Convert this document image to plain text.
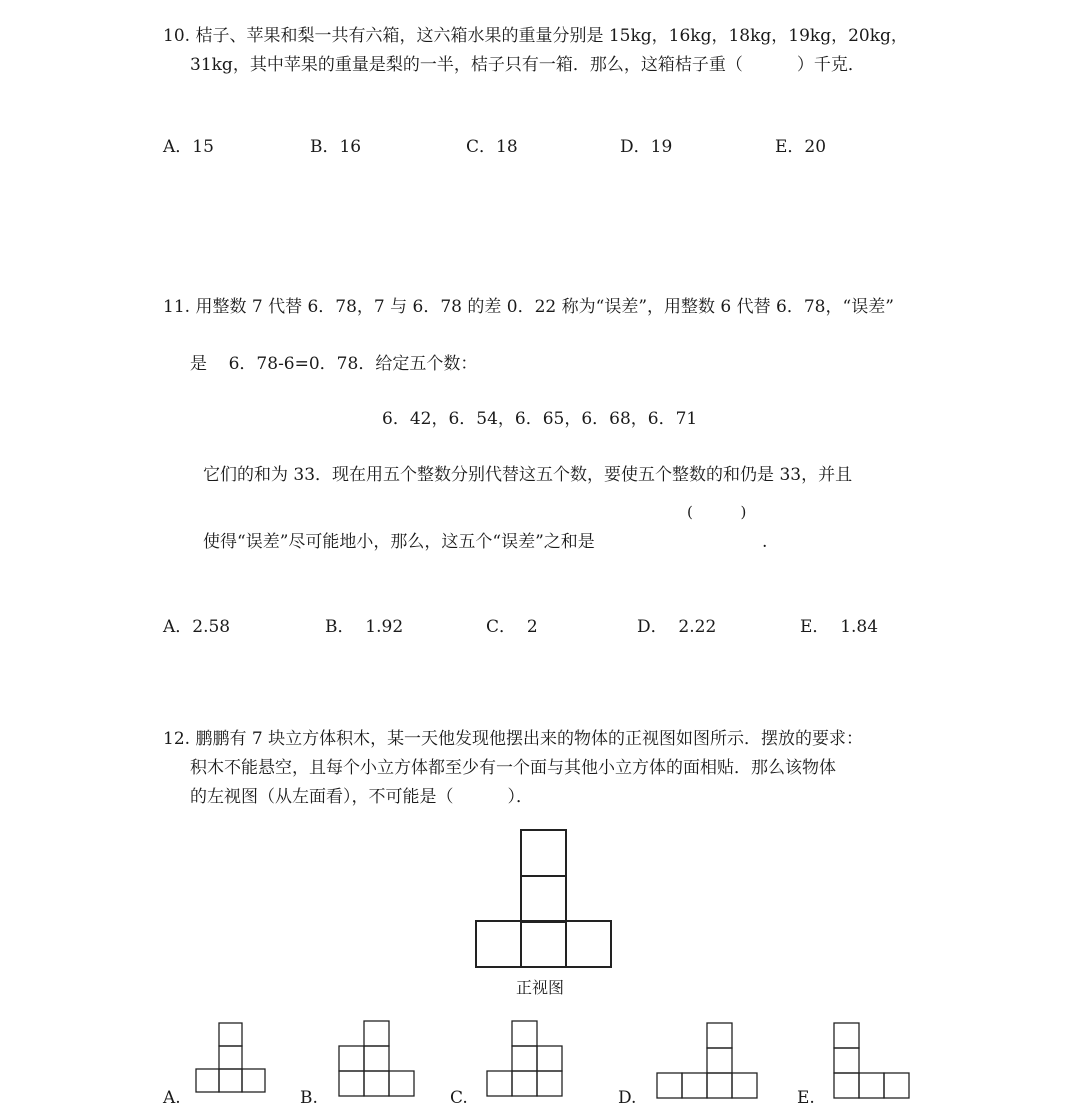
10. 桔子、苹果和梨一共有六箱，这六箱水果的重量分别是 15kg，16kg，18kg，19kg，20kg，
31kg，其中苹果的重量是梨的一半，桔子只有一箱．那么，这箱桔子重（          ）千克．
A．15	B．16	C．18	D．19	E．20
11. 用整数 7 代替 6．78，7 与 6．78 的差 0．22 称为“误差”，用整数 6 代替 6．78，“误差”
是    6．78-6=0．78．给定五个数：
6．42，6．54，6．65，6．68，6．71
它们的和为 33．现在用五个整数分别代替这五个数，要使五个整数的和仍是 33，并且
(          )
使得“误差”尽可能地小，那么，这五个“误差”之和是	.
A．2.58	B．  1.92	C．  2	D．  2.22	E．  1.84
12. 鹏鹏有 7 块立方体积木，某一天他发现他摆出来的物体的正视图如图所示．摆放的要求：
积木不能悬空，且每个小立方体都至少有一个面与其他小立方体的面相贴．那么该物体
的左视图（从左面看），不可能是（          ）．
正视图
A.	B.	C.	D.	E.
